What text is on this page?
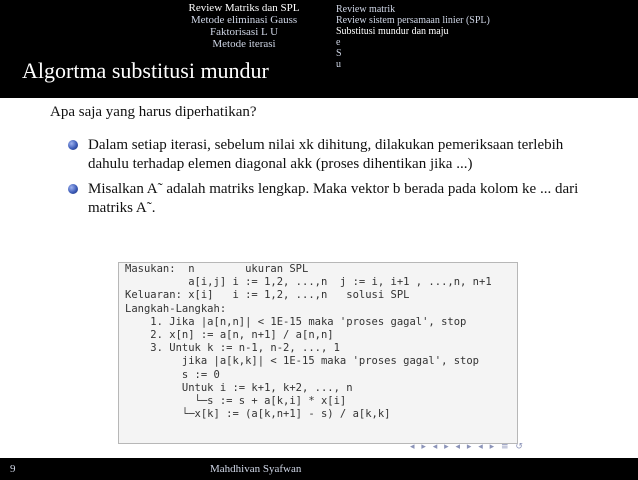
Review Matriks dan SPL
Metode eliminasi Gauss
Faktorisasi L U
Metode iterasi
Review matrik
Review sistem persamaan linier (SPL)
Substitusi mundur dan maju
e
S
u
Algortma substitusi mundur
Apa saja yang harus diperhatikan?
Dalam setiap iterasi, sebelum nilai xk dihitung, dilakukan pemeriksaan terlebih dahulu terhadap elemen diagonal akk (proses dihentikan jika ...)
Misalkan A˜ adalah matriks lengkap. Maka vektor b berada pada kolom ke ... dari matriks A˜.
Masukan:  n        ukuran SPL
a[i,j] i := 1,2, ...,n  j := i, i+1 , ...,n, n+1
Keluaran: x[i]   i := 1,2, ...,n   solusi SPL
Langkah-Langkah:
1. Jika |a[n,n]| < 1E-15 maka 'proses gagal', stop
2. x[n] := a[n, n+1] / a[n,n]
3. Untuk k := n-1, n-2, ..., 1
jika |a[k,k]| < 1E-15 maka 'proses gagal', stop
s := 0
Untuk i := k+1, k+2, ..., n
└─s := s + a[k,i] * x[i]
└─x[k] := (a[k,n+1] - s) / a[k,k]
◂ ▸ ◂ ▸ ◂ ▸ ◂ ▸ ≡ ↺
9	Mahdhivan Syafwan
